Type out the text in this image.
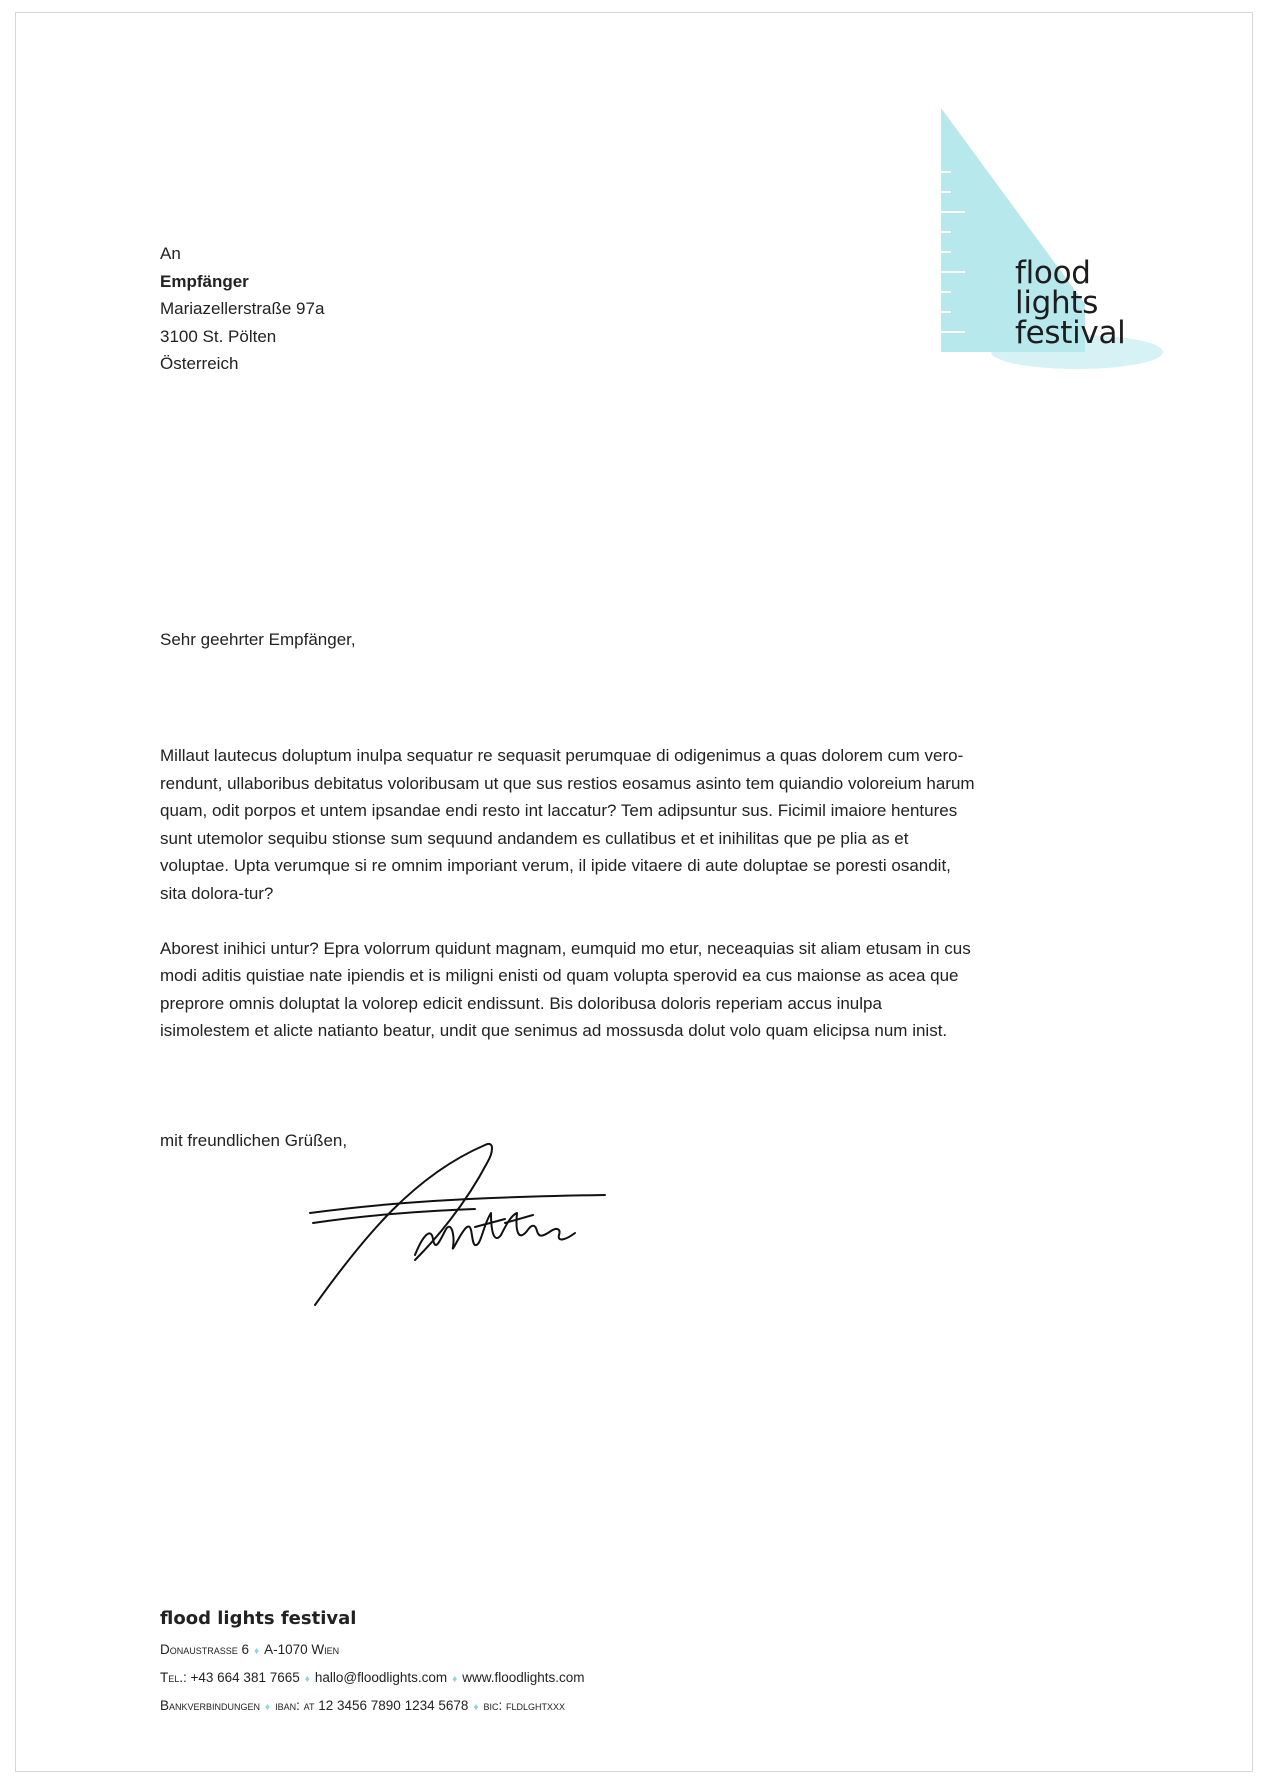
flood
lights
festival
An
Empfänger
Mariazellerstraße 97a
3100 St. Pölten
Österreich
Sehr geehrter Empfänger,

Millaut lautecus doluptum inulpa sequatur re sequasit perumquae di odigenimus a quas dolorem cum vero-rendunt, ullaboribus debitatus voloribusam ut que sus restios eosamus asinto tem quiandio voloreium harum quam, odit porpos et untem ipsandae endi resto int laccatur? Tem adipsuntur sus. Ficimil imaiore hentures sunt utemolor sequibu stionse sum sequund andandem es cullatibus et et inihilitas que pe plia as et voluptae. Upta verumque si re omnim imporiant verum, il ipide vitaere di aute doluptae se poresti osandit, sita dolora-tur?

Aborest inihici untur? Epra volorrum quidunt magnam, eumquid mo etur, neceaquias sit aliam etusam in cus modi aditis quistiae nate ipiendis et is miligni enisti od quam volupta sperovid ea cus maionse as acea que preprore omnis doluptat la volorep edicit endissunt. Bis doloribusa doloris reperiam accus inulpa isimolestem et alicte natianto beatur, undit que senimus ad mossusda dolut volo quam elicipsa num inist.

mit freundlichen Grüßen,
flood lights festival
Donaustrasse 6 ♦ A-1070 Wien
Tel.: +43 664 381 7665 ♦ hallo@floodlights.com ♦ www.floodlights.com
Bankverbindungen ♦ iban: at 12 3456 7890 1234 5678 ♦ bic: fldlghtxxx
